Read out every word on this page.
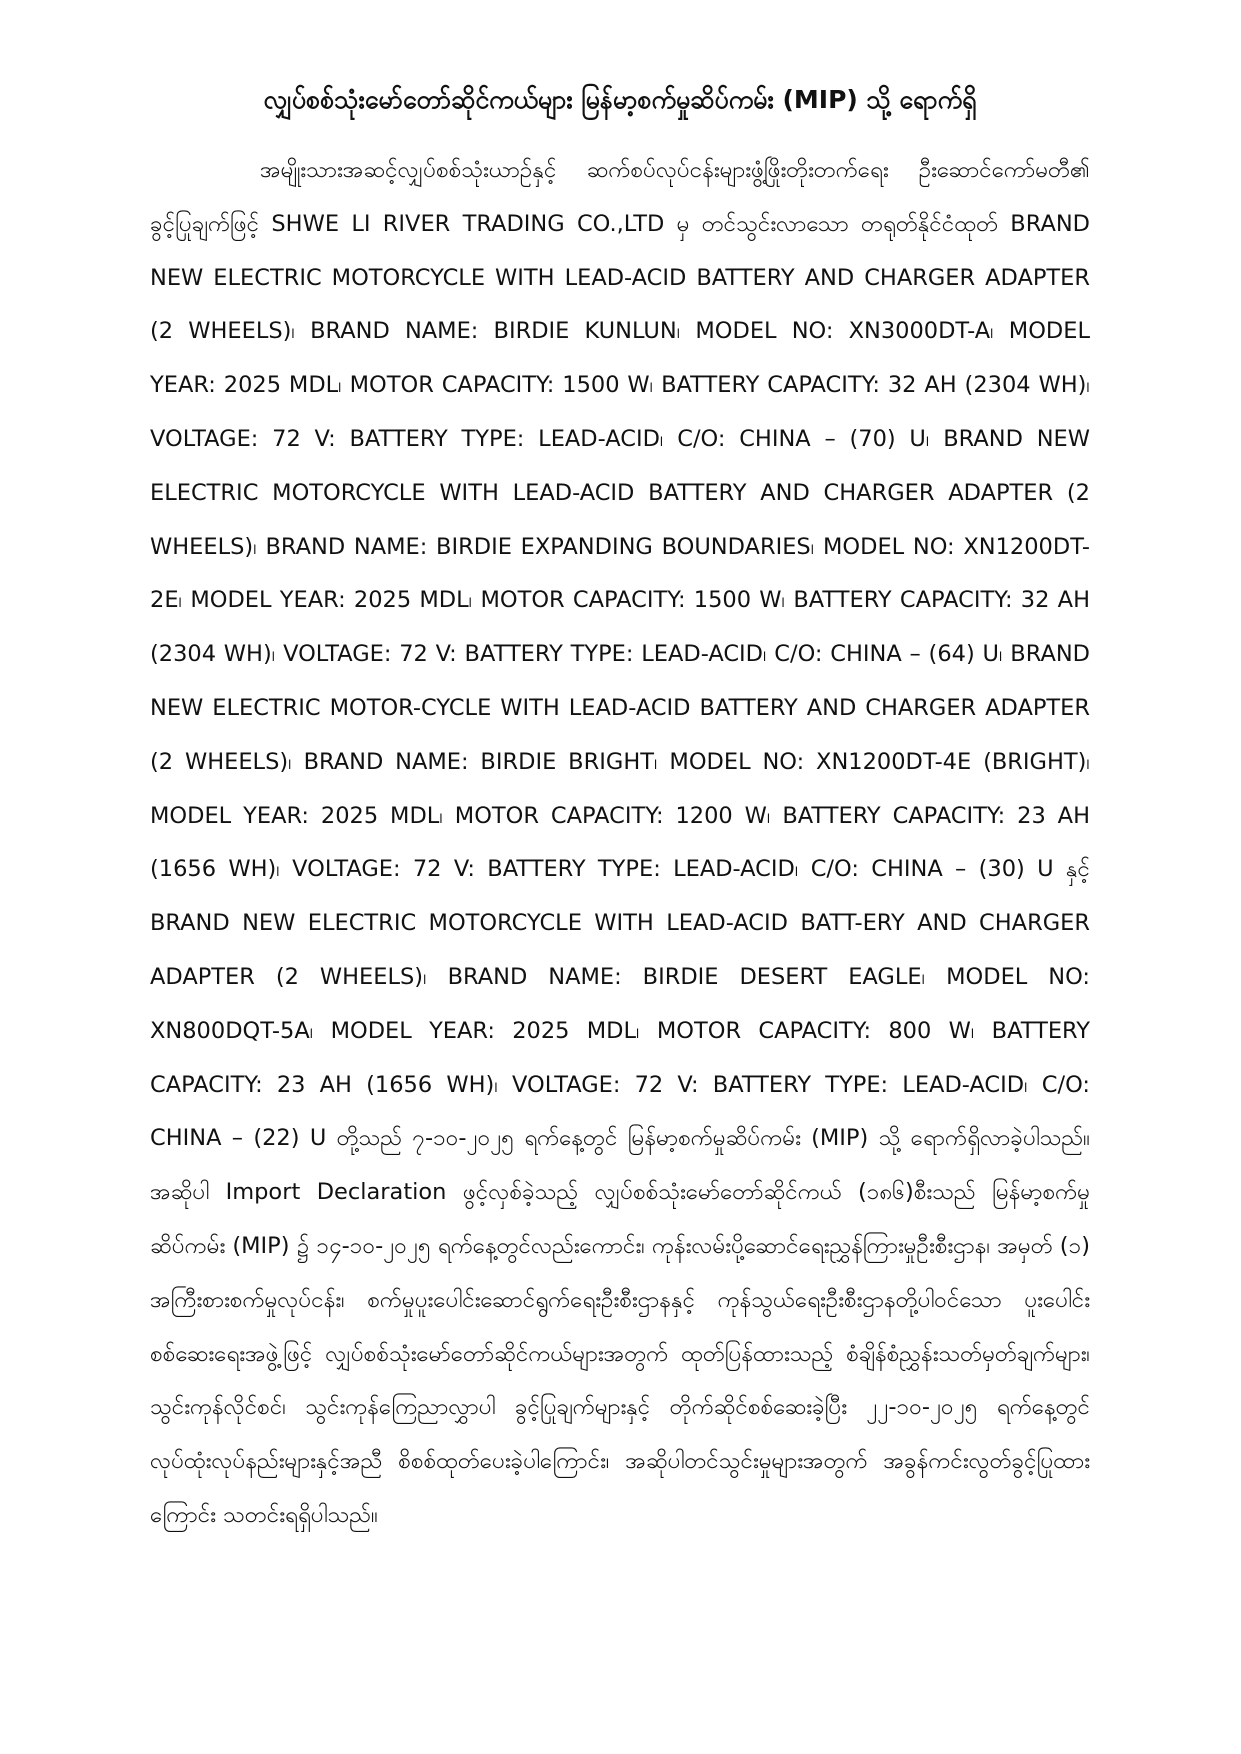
လျှပ်စစ်သုံးမော်တော်ဆိုင်ကယ်များ မြန်မာ့စက်မှုဆိပ်ကမ်း (MIP) သို့ ရောက်ရှိ

အမျိုးသားအဆင့်လျှပ်စစ်သုံးယာဉ်နှင့် ဆက်စပ်လုပ်ငန်းများဖွံ့ဖြိုးတိုးတက်ရေး ဦးဆောင်ကော်မတီ၏ ခွင့်ပြုချက်ဖြင့် SHWE LI RIVER TRADING CO.,LTD မှ တင်သွင်းလာသော တရုတ်နိုင်ငံထုတ် BRAND NEW ELECTRIC MOTORCYCLE WITH LEAD-ACID BATTERY AND CHARGER ADAPTER (2 WHEELS)၊ BRAND NAME: BIRDIE KUNLUN၊ MODEL NO: XN3000DT-A၊ MODEL YEAR: 2025 MDL၊ MOTOR CAPACITY: 1500 W၊ BATTERY CAPACITY: 32 AH (2304 WH)၊ VOLTAGE: 72 V: BATTERY TYPE: LEAD-ACID၊ C/O: CHINA – (70) U၊ BRAND NEW ELECTRIC MOTORCYCLE WITH LEAD-ACID BATTERY AND CHARGER ADAPTER (2 WHEELS)၊ BRAND NAME: BIRDIE EXPANDING BOUNDARIES၊ MODEL NO: XN1200DT-2E၊ MODEL YEAR: 2025 MDL၊ MOTOR CAPACITY: 1500 W၊ BATTERY CAPACITY: 32 AH (2304 WH)၊ VOLTAGE: 72 V: BATTERY TYPE: LEAD-ACID၊ C/O: CHINA – (64) U၊ BRAND NEW ELECTRIC MOTOR-CYCLE WITH LEAD-ACID BATTERY AND CHARGER ADAPTER (2 WHEELS)၊ BRAND NAME: BIRDIE BRIGHT၊ MODEL NO: XN1200DT-4E (BRIGHT)၊ MODEL YEAR: 2025 MDL၊ MOTOR CAPACITY: 1200 W၊ BATTERY CAPACITY: 23 AH (1656 WH)၊ VOLTAGE: 72 V: BATTERY TYPE: LEAD-ACID၊ C/O: CHINA – (30) U နှင့် BRAND NEW ELECTRIC MOTORCYCLE WITH LEAD-ACID BATT-ERY AND CHARGER ADAPTER (2 WHEELS)၊ BRAND NAME: BIRDIE DESERT EAGLE၊ MODEL NO: XN800DQT-5A၊ MODEL YEAR: 2025 MDL၊ MOTOR CAPACITY: 800 W၊ BATTERY CAPACITY: 23 AH (1656 WH)၊ VOLTAGE: 72 V: BATTERY TYPE: LEAD-ACID၊ C/O: CHINA – (22) U တို့သည် ၇-၁၀-၂၀၂၅ ရက်နေ့တွင် မြန်မာ့စက်မှုဆိပ်ကမ်း (MIP) သို့ ရောက်ရှိလာခဲ့ပါသည်။ အဆိုပါ Import Declaration ဖွင့်လှစ်ခဲ့သည့် လျှပ်စစ်သုံးမော်တော်ဆိုင်ကယ် (၁၈၆)စီးသည် မြန်မာ့စက်မှုဆိပ်ကမ်း (MIP) ၌ ၁၄-၁၀-၂၀၂၅ ရက်နေ့တွင်လည်းကောင်း၊ ကုန်းလမ်းပို့ဆောင်ရေးညွှန်ကြားမှုဦးစီးဌာန၊ အမှတ် (၁) အကြီးစားစက်မှုလုပ်ငန်း၊ စက်မှုပူးပေါင်းဆောင်ရွက်ရေးဦးစီးဌာနနှင့် ကုန်သွယ်ရေးဦးစီးဌာနတို့ပါဝင်သော ပူးပေါင်းစစ်ဆေးရေးအဖွဲ့ဖြင့် လျှပ်စစ်သုံးမော်တော်ဆိုင်ကယ်များအတွက် ထုတ်ပြန်ထားသည့် စံချိန်စံညွှန်းသတ်မှတ်ချက်များ၊ သွင်းကုန်လိုင်စင်၊ သွင်းကုန်ကြေညာလွှာပါ ခွင့်ပြုချက်များနှင့် တိုက်ဆိုင်စစ်ဆေးခဲ့ပြီး ၂၂-၁၀-၂၀၂၅ ရက်နေ့တွင် လုပ်ထုံးလုပ်နည်းများနှင့်အညီ စိစစ်ထုတ်ပေးခဲ့ပါကြောင်း၊ အဆိုပါတင်သွင်းမှုများအတွက် အခွန်ကင်းလွတ်ခွင့်ပြုထားကြောင်း သတင်းရရှိပါသည်။
